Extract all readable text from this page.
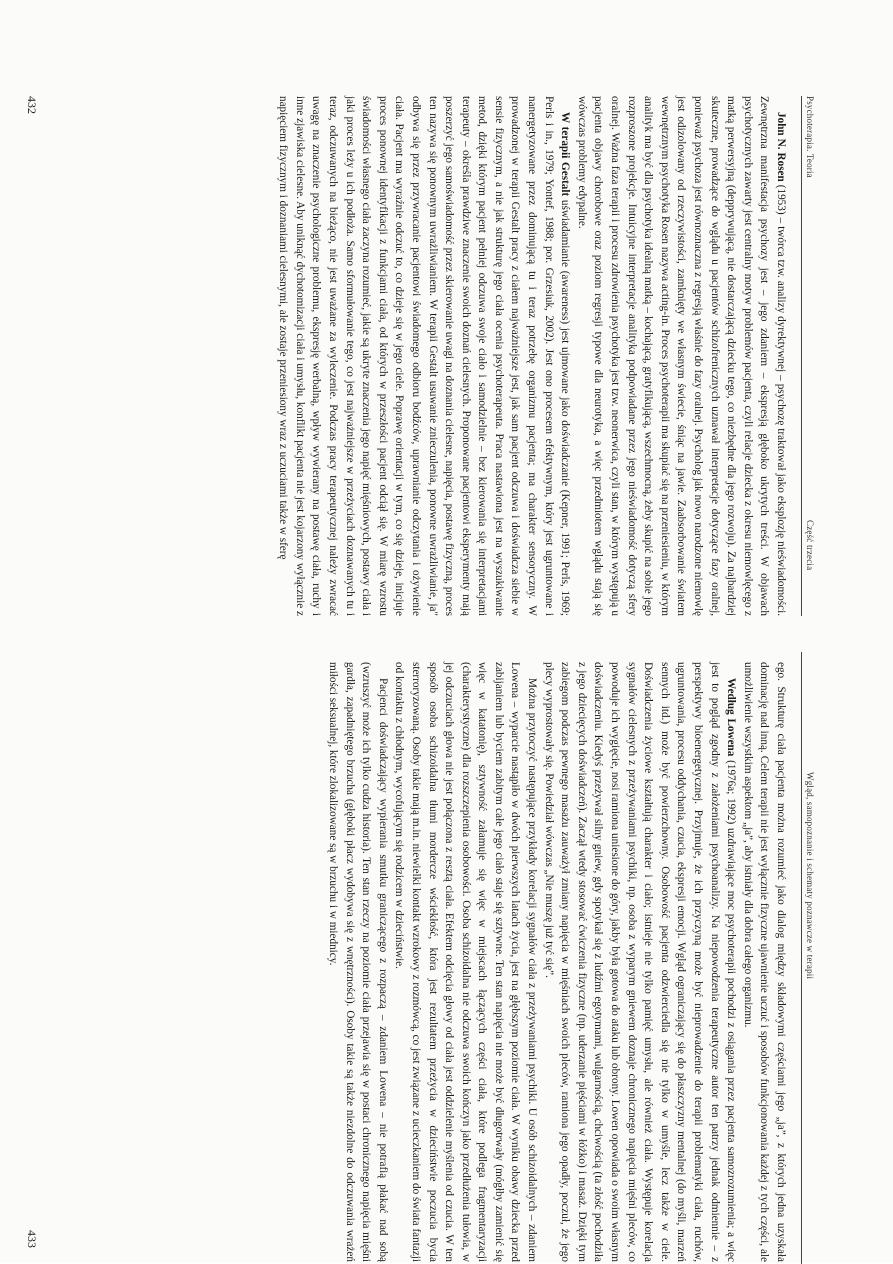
Psychoterapia. Teoria
Część trzecia

John N. Rosen (1953) – twórca tzw. analizy dyrektywnej – psychozę traktował jako eksplozję nieświadomości. Zewnętrzna manifestacja psychozy jest – jego zdaniem – ekspresją głęboko ukrytych treści. W objawach psychotycznych zawarty jest centralny motyw problemów pacjenta, czyli relacje dziecka z okresu niemowlęcego z matką perwersyjną (depprywującą, nie dostarczającą dziecku tego, co niezbędne dla jego rozwoju). Za najbardziej skuteczne, prowadzące do wglądu u pacjentów schizofrenicznych uznawał interpretacje dotyczące fazy oralnej, ponieważ psychoza jest równoznaczna z regresją właśnie do fazy oralnej. Psycholog jak nowo narodzone niemowlę jest odizolowany od rzeczywistości, zamknięty we własnym świecie, śniąc na jawie. Zaabsorbowanie światem wewnętrznym psychotyka Rosen nazywa acting-in. Proces psychoterapii ma skupiać się na przeniesieniu, w którym analityk ma być dla psychotyka idealną matką – kochającą, gratyfikującą, wszechmocną, żeby skupić na sobie jego rozproszone projekcje. Intuicyjne interpretacje analityka podpowiadane przez jego nieświadomość dotyczą sfery oralnej. Ważna faza terapii i procesu zdrowienia psychotyka jest tzw. neonerwica, czyli stan, w którym występują u pacjenta objawy chorobowe oraz poziom regresji typowe dla neurotyka, a więc przedmiotem wglądu stają się wówczas problemy edypalne.

W terapii Gestalt uświadamianie (awareness) jest ujmowane jako doświadczanie (Kepner, 1991; Perls, 1969; Perls i in., 1979; Yontef, 1988; por. Grzesiuk, 2002). Jest ono procesem efektywnym, który jest ugruntowane i nanergetyzowane przez dominującą tu i teraz potrzebę organizmu pacjenta; ma charakter sensoryczny. W prowadzonej w terapii Gestalt pracy z ciałem najważniejsze jest, jak sam pacjent odczuwa i doświadcza siebie w sensie fizycznym, a nie jak strukturę jego ciała ocenia psychoterapeuta. Praca nastawiona jest na wyszukiwanie metod, dzięki którym pacjent pełniej odczuwa swoje ciało i samodzielnie – bez kierowania się interpretacjami terapeuty – określa prawdziwe znaczenie swoich doznań cielesnych. Proponowane pacjentowi eksperymenty mają poszerzyć jego samoświadomość przez skierowanie uwagi na doznania cielesne, napięcia, postawę fizyczną, proces ten nazywa się ponownym uwrażliwianiem. W terapii Gestalt usuwanie znieczulenia, ponowne uwrażliwianie, ja" odbywa się przez przywracanie pacjentowi świadomego odbioru bodźców, uprawnianie odczytania i ożywienie ciała. Pacjent ma wyraźnie odczuć to, co dzieje się w jego ciele. Poprawę orientacji w tym, co się dzieje, inicjuje proces ponownej identyfikacji z funkcjami ciała, od których w przeszłości pacjent odciął się. W miarę wzrostu świadomości własnego ciała zaczyna rozumieć, jakie są ukryte znaczenia jego napięć mięśniowych, postawy ciała i jaki proces leży u ich podłoża. Samo sformułowanie tego, co jest najważniejsze w przeżyciach doznawanych tu i teraz, odczuwanych na bieżąco, nie jest uważane za wyleczenie. Podczas pracy terapeutycznej należy zwracać uwagę na znaczenie psychologiczne problemu, ekspresję werbalną, wpływ wywierany na postawę ciała, ruchy i inne zjawiska cielesne. Aby uniknąć dychotomizacji ciała i umysłu, konflikt pacjenta nie jest kojarzony wyłącznie z napięciem fizycznym i doznaniami cielesnymi, ale zostaje przeniesiony wraz z uczuciami także w sferę

432
Wgląd, samopoznanie i schematy poznawcze w terapii

ego. Strukturę ciała pacjenta można rozumieć jako dialog między składowymi częściami jego „ja”, z których jedna uzyskała dominację nad inną. Celem terapii nie jest wyłącznie fizyczne ujawnienie uczuć i sposobów funkcjonowania każdej z tych części, ale umożliwienie wszystkim aspektom „ja”, aby istniały dla dobra całego organizmu.

Według Lowena (1976a; 1992) uzdrawiające moc psychoterapii pochodzi z osiągania przez pacjenta samozrozumienia; a więc jest to pogląd zgodny z założeniami psychoanalizy. Na niepowodzenia terapeutyczne autor ten patrzy jednak odmiennie – z perspektywy bioenergetycznej. Przyjmuje, że ich przyczyną może być nieprowadzenie do terapii problematyki ciała, ruchów, ugruntowania, procesu oddychania, czucia, ekspresji emocji. Wgląd ograniczający się do płaszczyzny mentalnej (do myśli, marzeń sennych itd.) może być powierzchowny. Osobowość pacjenta odzwierciedla się nie tylko w umyśle, lecz także w ciele. Doświadczenia życiowe kształtują charakter i ciało; istnieje nie tylko pamięć umysłu, ale również ciała. Występuje korelacja sygnałów cielesnych z przeżywaniami psychiki, np. osoba z wyparym gniewem doznaje chronicznego napięcia mięśni pleców, co powoduje ich wygięcie, nosi ramiona uniesione do góry, jakby była gotowa do ataku lub obrony. Lowen opowiada o swoim własnym doświadczeniu. Kiedyś przeżywał silny gniew, gdy spotykał się z ludźmi egotymami, wulgarnością, chciwością (ta złość pochodziła z jego dziecięcych doświadczeń). Zaczął wtedy stosować ćwiczenia fizyczne (np. uderzanie pięściami w łóżko) i masaż. Dzięki tym zabiegom podczas pewnego masażu zauważył zmiany napięcia w mięśniach swoich pleców, ramiona jego opadły, poczuł, że jego plecy wyprostowały się. Powiedział wówczas „Nie muszę już tyć się”.

Można przytoczyć następujące przykłady korelacji sygnałów ciała z przeżywaniami psychiki. U osób schizoidalnych – zdaniem Lowena – wyparcie nastąpiło w dwóch pierwszych latach życia, jest na głębszym poziomie ciała. W wyniku obawy dziecka przed zabijaniem lub byciem zabitym całe jego ciało staje się sztywne. Ten stan napięcia nie może być długotrwały (mógłby zamienić się więc w katatonię), sztywność załamuje się więc w miejscach łączących części ciała, które podlega fragmentaryzacji (charakterystyczne) dla rozszczepienia osobowości. Osoba schizoidalna nie odczuwa swoich kończyn jako przedłużenia tułowia, w jej odczuciach głowa nie jest połączona z resztą ciała. Efektem odcięcia głowy od ciała jest oddzielenie myślenia od czucia. W ten sposób osoba schizoidalna tłumi mordercze wściekłość, która jest rezultatem przeżycia w dzieciństwie poczucia bycia sterroryzowaną. Osoby takie mają m.in. niewielki kontakt wzrokowy z rozmówcą, co jest związane z ucieczkaniem do świata fantazji od kontaktu z chłodnym, wycofującym się rodzicem w dzieciństwie.

Pacjenci doświadczający wypierania smutku graniczącego z rozpaczą – zdaniem Lowena – nie potrafią płakać nad sobą (wzruszyć może ich tylko cudza historia). Ten stan rzeczy na poziomie ciała przejawia się w postaci chronicznego napięcia mięśni gardła, zapadniętego brzucha (głęboki płacz wydobywa się z wnętrzności). Osoby takie są także niezdolne do odczuwania wrażeń miłości seksualnej, które zlokalizowane są w brzuchu i w miednicy.

433
